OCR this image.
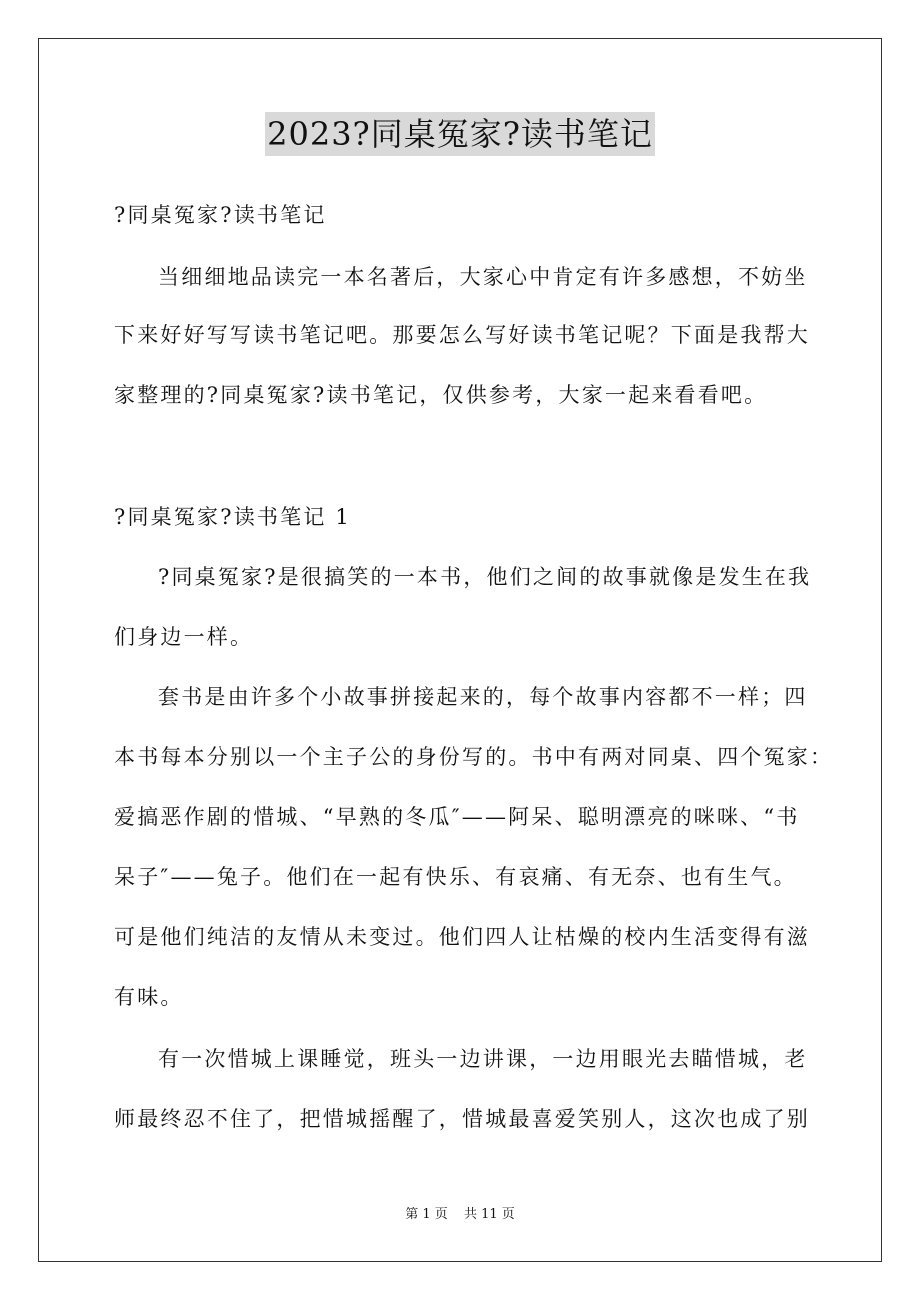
2023?同桌冤家?读书笔记
?同桌冤家?读书笔记
当细细地品读完一本名著后，大家心中肯定有许多感想，不妨坐
下来好好写写读书笔记吧。那要怎么写好读书笔记呢？下面是我帮大
家整理的?同桌冤家?读书笔记，仅供参考，大家一起来看看吧。
?同桌冤家?读书笔记 1
?同桌冤家?是很搞笑的一本书，他们之间的故事就像是发生在我
们身边一样。
套书是由许多个小故事拼接起来的，每个故事内容都不一样；四
本书每本分别以一个主子公的身份写的。书中有两对同桌、四个冤家：
爱搞恶作剧的惜城、“早熟的冬瓜″——阿呆、聪明漂亮的咪咪、“书
呆子″——兔子。他们在一起有快乐、有哀痛、有无奈、也有生气。
可是他们纯洁的友情从未变过。他们四人让枯燥的校内生活变得有滋
有味。
有一次惜城上课睡觉，班头一边讲课，一边用眼光去瞄惜城，老
师最终忍不住了，把惜城摇醒了，惜城最喜爱笑别人，这次也成了别
第 1 页 共 11 页
